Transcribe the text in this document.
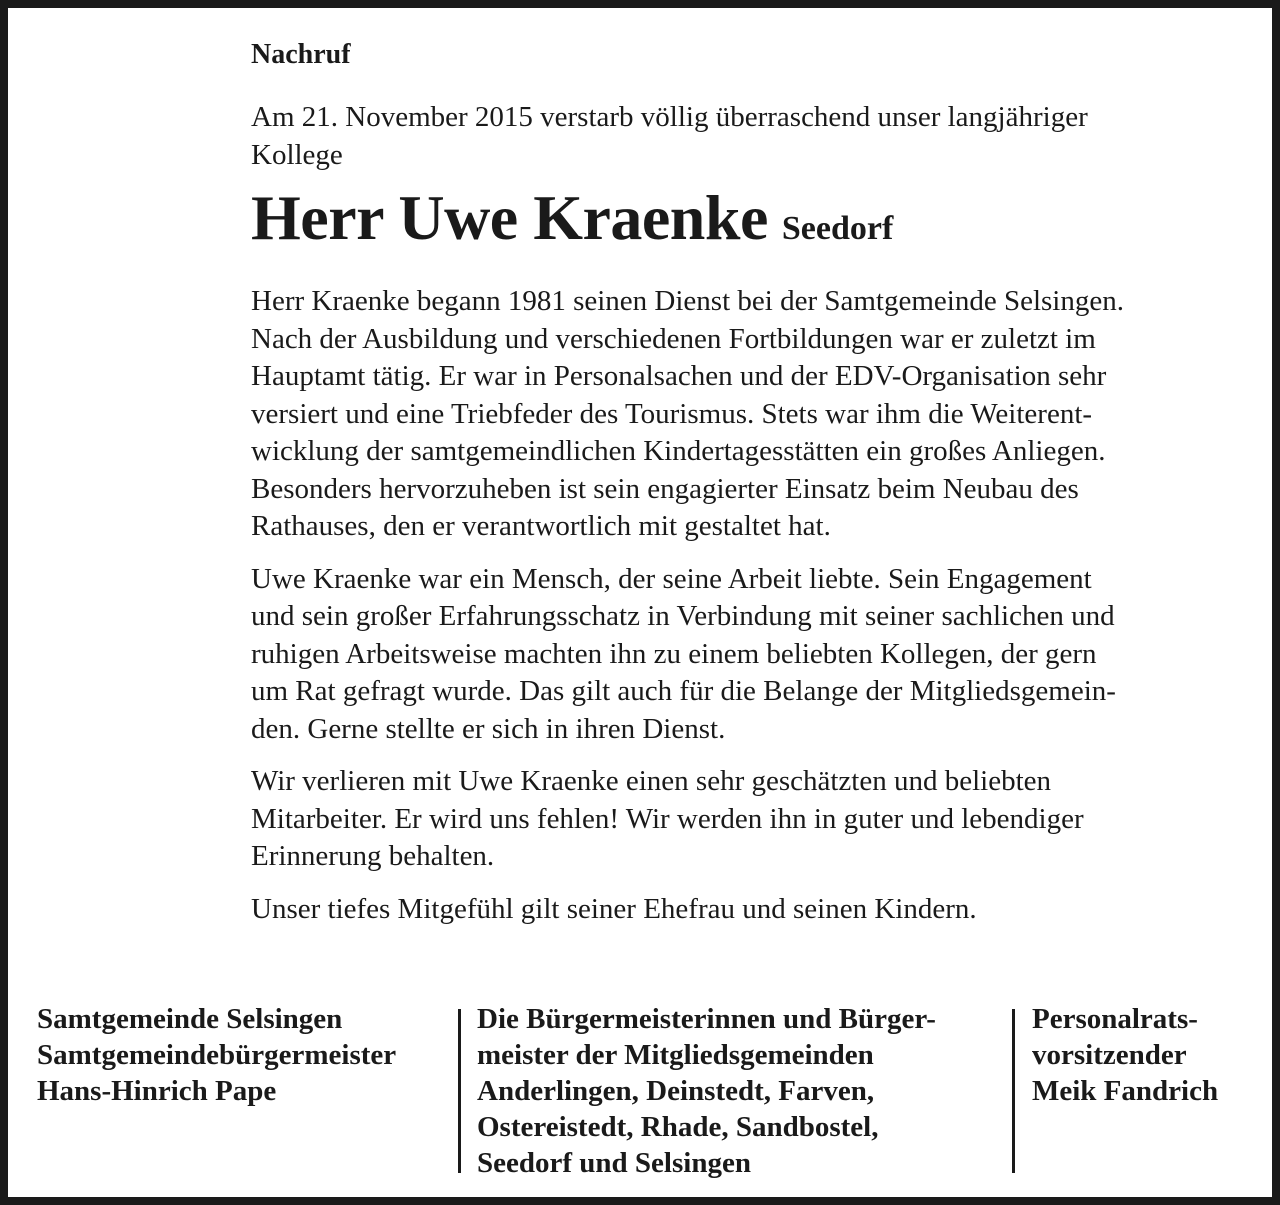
Nachruf

Am 21. November 2015 verstarb völlig überraschend unser langjähriger
Kollege

Herr Uwe Kraenke Seedorf

Herr Kraenke begann 1981 seinen Dienst bei der Samtgemeinde Selsingen.
Nach der Ausbildung und verschiedenen Fortbildungen war er zuletzt im
Hauptamt tätig. Er war in Personalsachen und der EDV-Organisation sehr
versiert und eine Triebfeder des Tourismus. Stets war ihm die Weiterent-
wicklung der samtgemeindlichen Kindertagesstätten ein großes Anliegen.
Besonders hervorzuheben ist sein engagierter Einsatz beim Neubau des
Rathauses, den er verantwortlich mit gestaltet hat.

Uwe Kraenke war ein Mensch, der seine Arbeit liebte. Sein Engagement
und sein großer Erfahrungsschatz in Verbindung mit seiner sachlichen und
ruhigen Arbeitsweise machten ihn zu einem beliebten Kollegen, der gern
um Rat gefragt wurde. Das gilt auch für die Belange der Mitgliedsgemein-
den. Gerne stellte er sich in ihren Dienst.

Wir verlieren mit Uwe Kraenke einen sehr geschätzten und beliebten
Mitarbeiter. Er wird uns fehlen! Wir werden ihn in guter und lebendiger
Erinnerung behalten.

Unser tiefes Mitgefühl gilt seiner Ehefrau und seinen Kindern.

Samtgemeinde Selsingen
Samtgemeindebürgermeister
Hans-Hinrich Pape
Die Bürgermeisterinnen und Bürger-
meister der Mitgliedsgemeinden
Anderlingen, Deinstedt, Farven,
Ostereistedt, Rhade, Sandbostel,
Seedorf und Selsingen
Personalrats-
vorsitzender
Meik Fandrich
